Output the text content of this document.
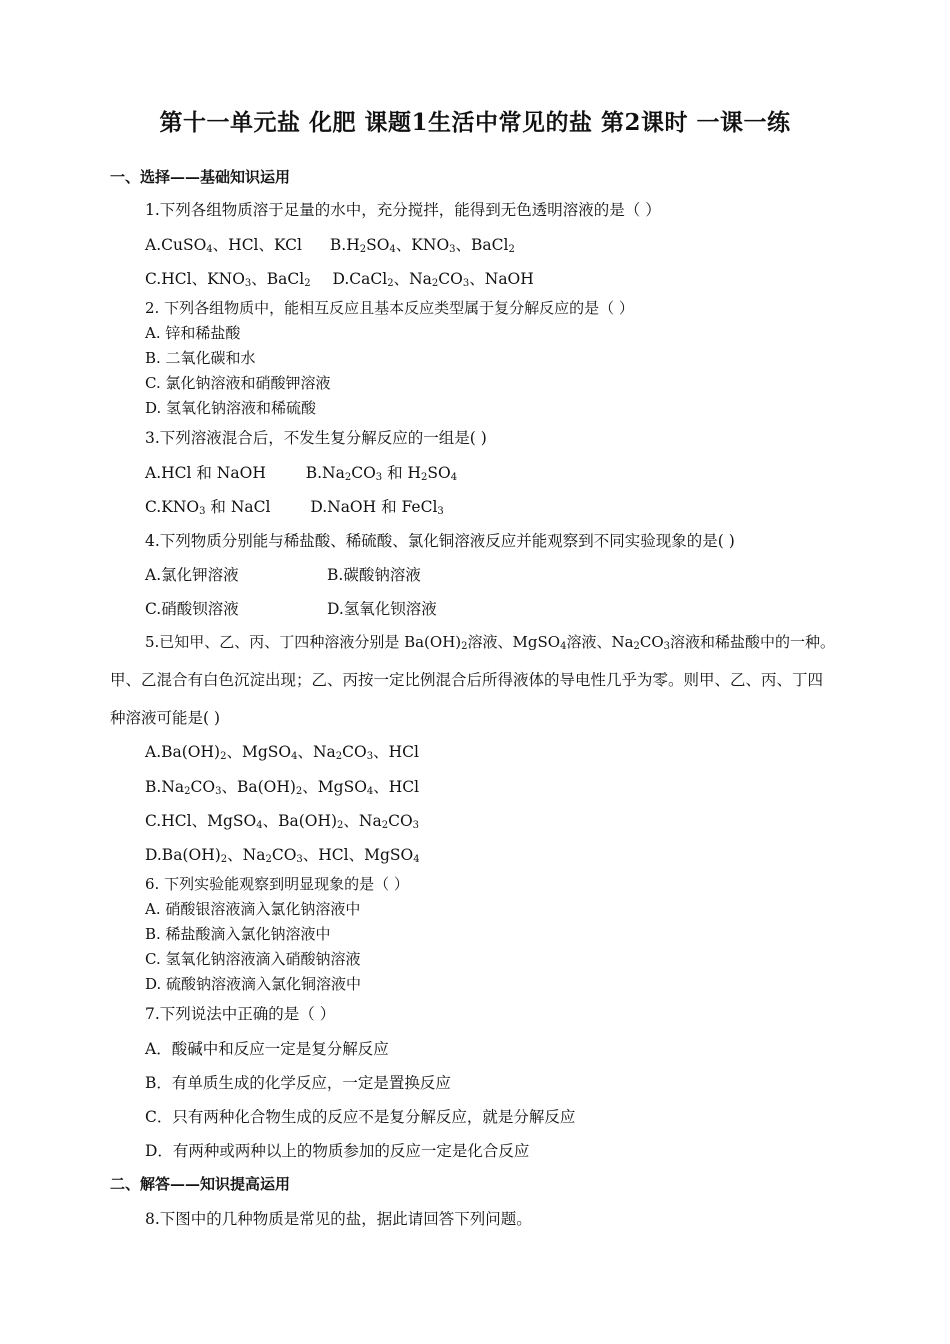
第十一单元盐 化肥 课题1生活中常见的盐 第2课时 一课一练
一、选择——基础知识运用
1.下列各组物质溶于足量的水中，充分搅拌，能得到无色透明溶液的是（ ）
A.CuSO$_4$、HCl、KCl $B.H_2SO_4$、$KNO_3$、BaCl$_2$
C.HCl、$KNO_3$、BaCl$_2$ D.CaCl$_2$、$Na_2CO_3$、NaOH
2. 下列各组物质中，能相互反应且基本反应类型属于复分解反应的是（ ）
A. 锌和稀盐酸
B. 二氧化碳和水
C. 氯化钠溶液和硝酸钾溶液
D. 氢氧化钠溶液和稀硫酸
3.下列溶液混合后，不发生复分解反应的一组是( )
A.HCl 和 NaOH	$B.Na_2CO_3$ 和 $H_2SO_4$
$C.KNO_3$ 和 NaCl	D.NaOH 和 FeCl$_3$
4.下列物质分别能与稀盐酸、稀硫酸、氯化铜溶液反应并能观察到不同实验现象的是( )
A.氯化钾溶液	B.碳酸钠溶液
C.硝酸钡溶液	D.氢氧化钡溶液
5.已知甲、乙、丙、丁四种溶液分别是 $Ba(OH)_2$溶液、MgSO$_4$溶液、$Na_2CO_3$溶液和稀盐酸中的一种。
甲、乙混合有白色沉淀出现；乙、丙按一定比例混合后所得液体的导电性几乎为零。则甲、乙、丙、丁四
种溶液可能是( )
$A.Ba(OH)_2$、MgSO$_4$、$Na_2CO_3$、HCl
$B.Na_2CO_3$、$Ba(OH)_2$、MgSO$_4$、HCl
C.HCl、MgSO$_4$、$Ba(OH)_2$、$Na_2CO_3$
$D.Ba(OH)_2$、$Na_2CO_3$、HCl、MgSO$_4$
6. 下列实验能观察到明显现象的是（ ）
A. 硝酸银溶液滴入氯化钠溶液中
B. 稀盐酸滴入氯化钠溶液中
C. 氢氧化钠溶液滴入硝酸钠溶液
D. 硫酸钠溶液滴入氯化铜溶液中
7.下列说法中正确的是（ ）
A．酸碱中和反应一定是复分解反应
B．有单质生成的化学反应，一定是置换反应
C．只有两种化合物生成的反应不是复分解反应，就是分解反应
D．有两种或两种以上的物质参加的反应一定是化合反应
二、解答——知识提高运用
8.下图中的几种物质是常见的盐，据此请回答下列问题。
